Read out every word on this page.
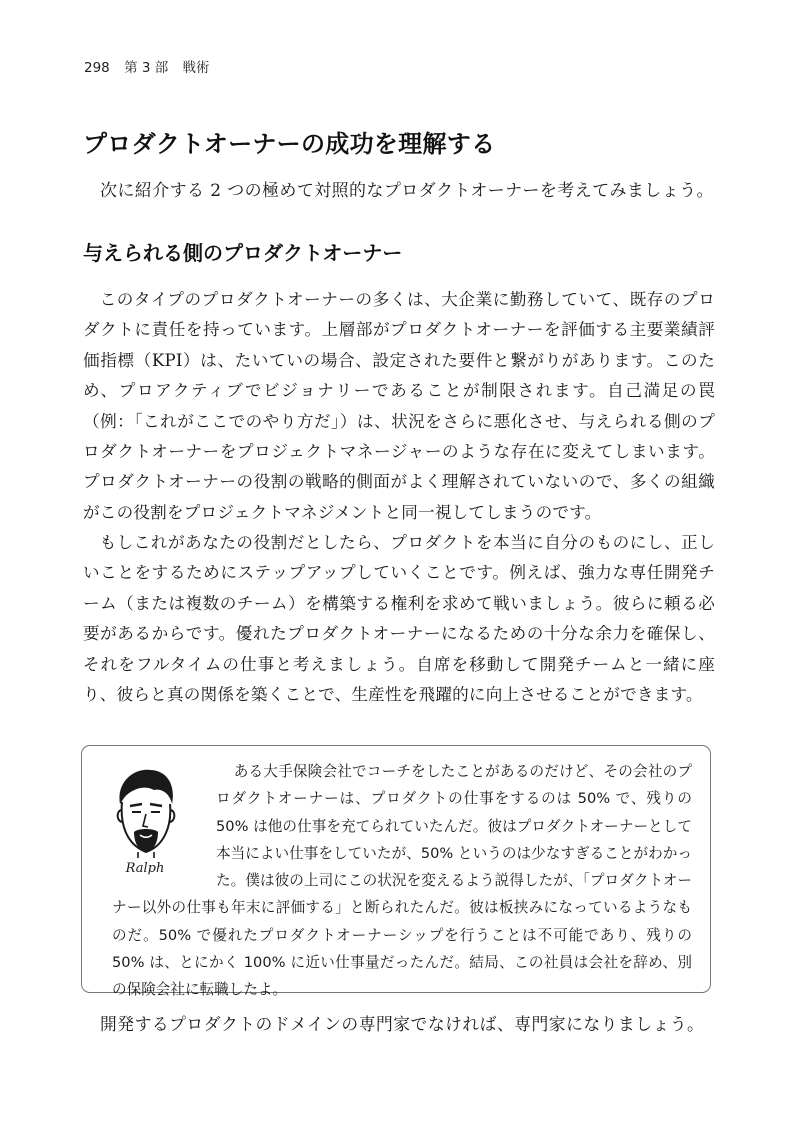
298 第 3 部 戦術
プロダクトオーナーの成功を理解する

次に紹介する 2 つの極めて対照的なプロダクトオーナーを考えてみましょう。

与えられる側のプロダクトオーナー

このタイプのプロダクトオーナーの多くは、大企業に勤務していて、既存のプロダクトに責任を持っています。上層部がプロダクトオーナーを評価する主要業績評価指標（KPI）は、たいていの場合、設定された要件と繋がりがあります。このため、プロアクティブでビジョナリーであることが制限されます。自己満足の罠（例：「これがここでのやり方だ」）は、状況をさらに悪化させ、与えられる側のプロダクトオーナーをプロジェクトマネージャーのような存在に変えてしまいます。プロダクトオーナーの役割の戦略的側面がよく理解されていないので、多くの組織がこの役割をプロジェクトマネジメントと同一視してしまうのです。

もしこれがあなたの役割だとしたら、プロダクトを本当に自分のものにし、正しいことをするためにステップアップしていくことです。例えば、強力な専任開発チーム（または複数のチーム）を構築する権利を求めて戦いましょう。彼らに頼る必要があるからです。優れたプロダクトオーナーになるための十分な余力を確保し、それをフルタイムの仕事と考えましょう。自席を移動して開発チームと一緒に座り、彼らと真の関係を築くことで、生産性を飛躍的に向上させることができます。

Ralph

ある大手保険会社でコーチをしたことがあるのだけど、その会社のプロダクトオーナーは、プロダクトの仕事をするのは 50% で、残りの 50% は他の仕事を充てられていたんだ。彼はプロダクトオーナーとして本当によい仕事をしていたが、50% というのは少なすぎることがわかった。僕は彼の上司にこの状況を変えるよう説得したが、「プロダクトオーナー以外の仕事も年末に評価する」と断られたんだ。彼は板挟みになっているようなものだ。50% で優れたプロダクトオーナーシップを行うことは不可能であり、残りの 50% は、とにかく 100% に近い仕事量だったんだ。結局、この社員は会社を辞め、別の保険会社に転職したよ。

開発するプロダクトのドメインの専門家でなければ、専門家になりましょう。
